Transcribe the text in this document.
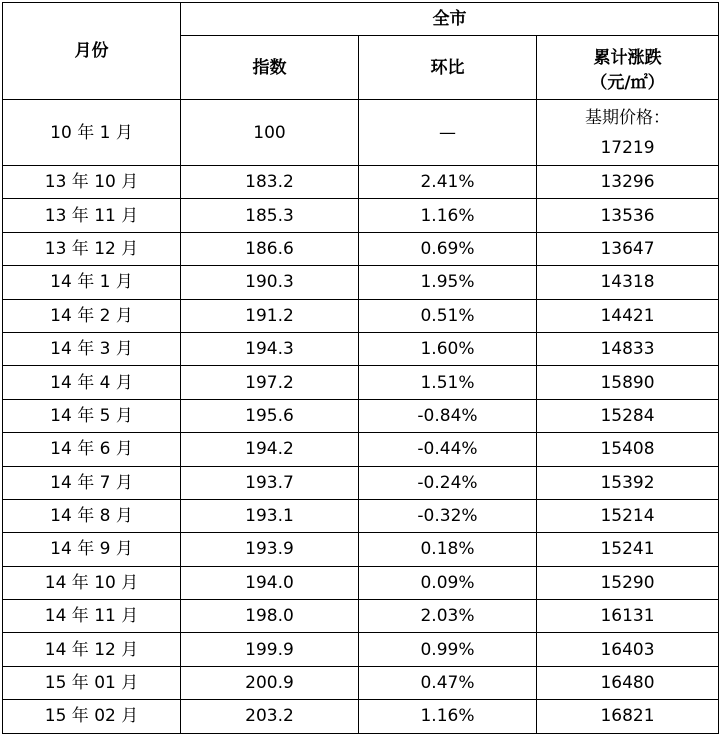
月份	全市		
	指数	环比	累计涨跌
（元/㎡）
10 年 1 月	100	—	基期价格：
17219

13 年 10 月	183.2	2.41%	13296
13 年 11 月	185.3	1.16%	13536
13 年 12 月	186.6	0.69%	13647
14 年 1 月	190.3	1.95%	14318
14 年 2 月	191.2	0.51%	14421
14 年 3 月	194.3	1.60%	14833
14 年 4 月	197.2	1.51%	15890
14 年 5 月	195.6	-0.84%	15284
14 年 6 月	194.2	-0.44%	15408
14 年 7 月	193.7	-0.24%	15392
14 年 8 月	193.1	-0.32%	15214
14 年 9 月	193.9	0.18%	15241
14 年 10 月	194.0	0.09%	15290
14 年 11 月	198.0	2.03%	16131
14 年 12 月	199.9	0.99%	16403
15 年 01 月	200.9	0.47%	16480
15 年 02 月	203.2	1.16%	16821
